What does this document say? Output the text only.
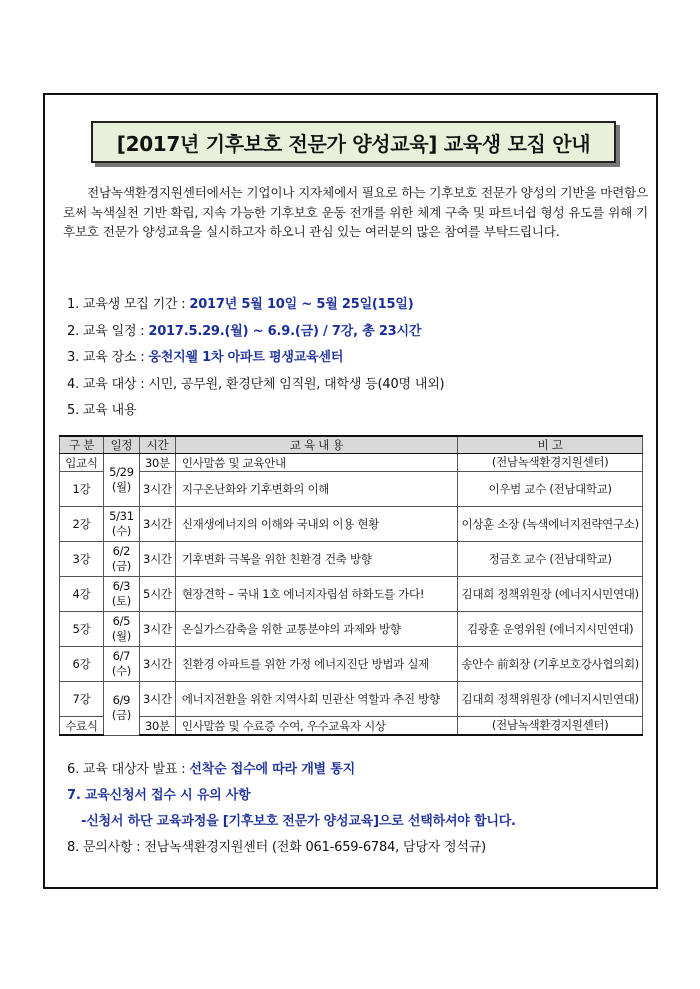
[2017년 기후보호 전문가 양성교육] 교육생 모집 안내

전남녹색환경지원센터에서는 기업이나 지자체에서 필요로 하는 기후보호 전문가 양성의 기반을 마련함으로써 녹색실천 기반 확립, 지속 가능한 기후보호 운동 전개를 위한 체계 구축 및 파트너쉽 형성 유도를 위해 기후보호 전문가 양성교육을 실시하고자 하오니 관심 있는 여러분의 많은 참여를 부탁드립니다.

1. 교육생 모집 기간 : 2017년 5월 10일 ~ 5월 25일(15일)
2. 교육 일정 : 2017.5.29.(월) ~ 6.9.(금) / 7강, 총 23시간
3. 교육 장소 : 웅천지웰 1차 아파트 평생교육센터
4. 교육 대상 : 시민, 공무원, 환경단체 임직원, 대학생 등(40명 내외)
5. 교육 내용
구 분	일정	시간	교 육 내 용	비 고
입교식	5/29 (월)	30분	인사말씀 및 교육안내	(전남녹색환경지원센터)
1강		3시간	지구온난화와 기후변화의 이해	이우범 교수 (전남대학교)
2강	5/31 (수)	3시간	신재생에너지의 이해와 국내외 이용 현황	이상훈 소장 (녹색에너지전략연구소)
3강	6/2 (금)	3시간	기후변화 극복을 위한 친환경 건축 방향	정금호 교수 (전남대학교)
4강	6/3 (토)	5시간	현장견학 – 국내 1호 에너지자립섬 하화도를 가다!	김대희 정책위원장 (에너지시민연대)
5강	6/5 (월)	3시간	온실가스감축을 위한 교통분야의 과제와 방향	김광훈 운영위원 (에너지시민연대)
6강	6/7 (수)	3시간	친환경 아파트를 위한 가정 에너지진단 방법과 실제	송안수 前회장 (기후보호강사협의회)
7강	6/9 (금)	3시간	에너지전환을 위한 지역사회 민관산 역할과 추진 방향	김대희 정책위원장 (에너지시민연대)
수료식		30분	인사말씀 및 수료증 수여, 우수교육자 시상	(전남녹색환경지원센터)
6. 교육 대상자 발표 : 선착순 접수에 따라 개별 통지
7. 교육신청서 접수 시 유의 사항
-신청서 하단 교육과정을 [기후보호 전문가 양성교육]으로 선택하셔야 합니다.
8. 문의사항 : 전남녹색환경지원센터 (전화 061-659-6784, 담당자 정석규)
